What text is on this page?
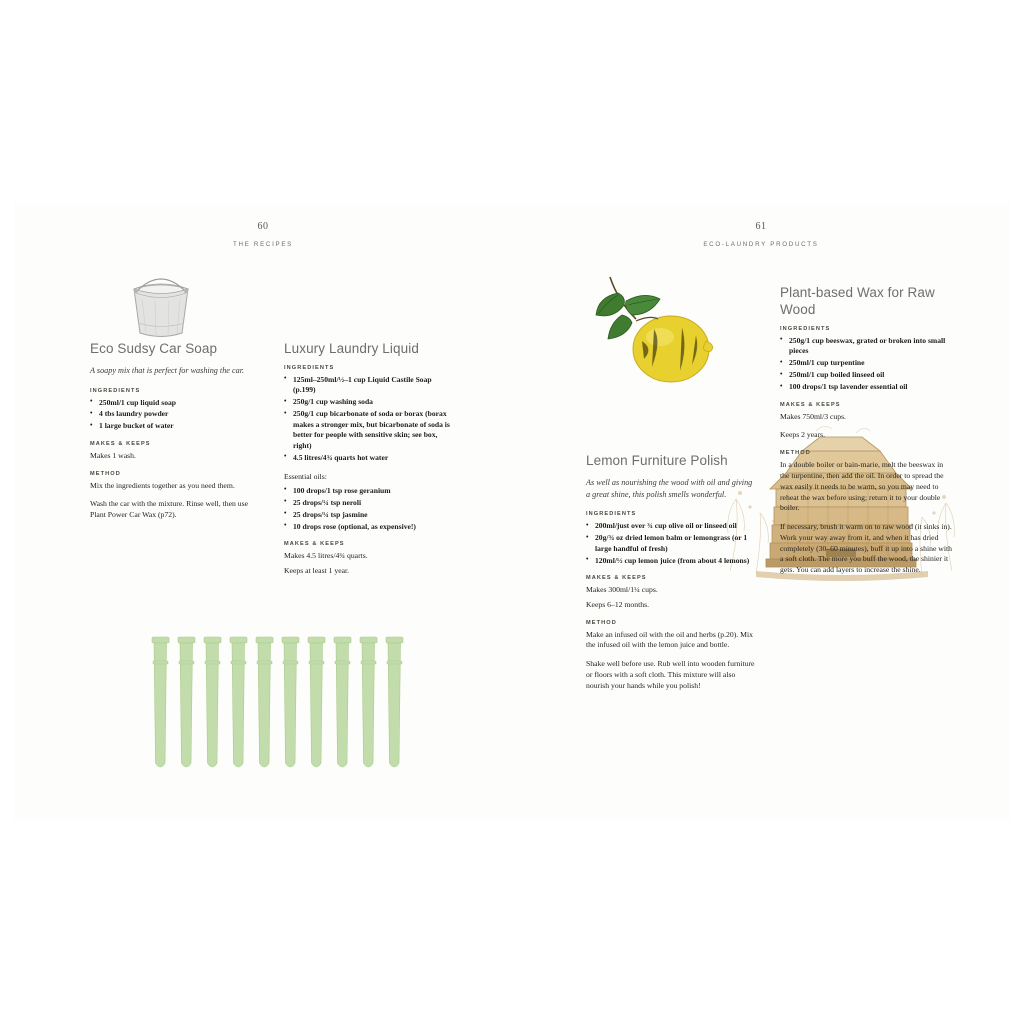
60
THE RECIPES
Eco Sudsy Car Soap

A soapy mix that is perfect for washing the car.

INGREDIENTS
• 250ml/1 cup liquid soap
• 4 tbs laundry powder
• 1 large bucket of water
MAKES & KEEPS

Makes 1 wash.

METHOD

Mix the ingredients together as you need them.

Wash the car with the mixture. Rinse well, then use Plant Power Car Wax (p72).

Luxury Laundry Liquid
INGREDIENTS
• 125ml–250ml/½–1 cup Liquid Castile Soap (p.199)
• 250g/1 cup washing soda
• 250g/1 cup bicarbonate of soda or borax (borax makes a stronger mix, but bicarbonate of soda is better for people with sensitive skin; see box, right)
• 4.5 litres/4¾ quarts hot water

Essential oils:

• 100 drops/1 tsp rose geranium
• 25 drops/¼ tsp neroli
• 25 drops/¼ tsp jasmine
• 10 drops rose (optional, as expensive!)
MAKES & KEEPS

Makes 4.5 litres/4¾ quarts.

Keeps at least 1 year.

61
ECO-LAUNDRY PRODUCTS
Lemon Furniture Polish

As well as nourishing the wood with oil and giving a great shine, this polish smells wonderful.

INGREDIENTS
• 200ml/just over ¾ cup olive oil or linseed oil
• 20g/¾ oz dried lemon balm or lemongrass (or 1 large handful of fresh)
• 120ml/½ cup lemon juice (from about 4 lemons)
MAKES & KEEPS

Makes 300ml/1¼ cups.

Keeps 6–12 months.

METHOD

Make an infused oil with the oil and herbs (p.20). Mix the infused oil with the lemon juice and bottle.

Shake well before use. Rub well into wooden furniture or floors with a soft cloth. This mixture will also nourish your hands while you polish!

Plant-based Wax for Raw Wood
INGREDIENTS
• 250g/1 cup beeswax, grated or broken into small pieces
• 250ml/1 cup turpentine
• 250ml/1 cup boiled linseed oil
• 100 drops/1 tsp lavender essential oil
MAKES & KEEPS

Makes 750ml/3 cups.

Keeps 2 years.

METHOD

In a double boiler or bain-marie, melt the beeswax in the turpentine, then add the oil. In order to spread the wax easily it needs to be warm, so you may need to reheat the wax before using; return it to your double boiler.

If necessary, brush it warm on to raw wood (it sinks in). Work your way away from it, and when it has dried completely (30–60 minutes), buff it up into a shine with a soft cloth. The more you buff the wood, the shinier it gets. You can add layers to increase the shine.
